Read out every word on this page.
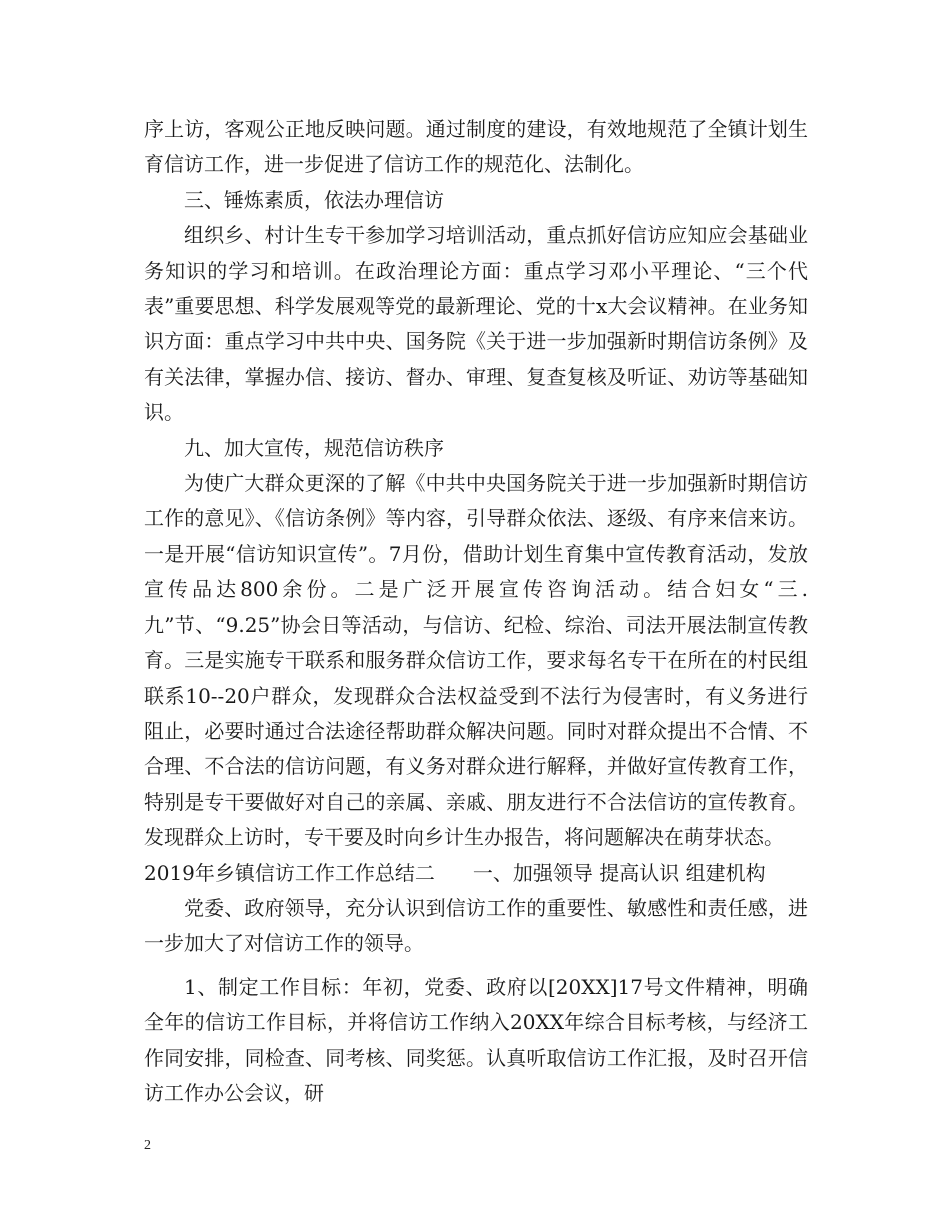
序上访，客观公正地反映问题。通过制度的建设，有效地规范了全镇计划生育信访工作，进一步促进了信访工作的规范化、法制化。

三、锤炼素质，依法办理信访

组织乡、村计生专干参加学习培训活动，重点抓好信访应知应会基础业务知识的学习和培训。在政治理论方面：重点学习邓小平理论、“三个代表”重要思想、科学发展观等党的最新理论、党的十x大会议精神。在业务知识方面：重点学习中共中央、国务院《关于进一步加强新时期信访条例》及有关法律，掌握办信、接访、督办、审理、复查复核及听证、劝访等基础知识。

九、加大宣传，规范信访秩序

为使广大群众更深的了解《中共中央国务院关于进一步加强新时期信访工作的意见》、《信访条例》等内容，引导群众依法、逐级、有序来信来访。一是开展“信访知识宣传”。7月份，借助计划生育集中宣传教育活动，发放宣传品达800余份。二是广泛开展宣传咨询活动。结合妇女“三.九”节、“9.25”协会日等活动，与信访、纪检、综治、司法开展法制宣传教育。三是实施专干联系和服务群众信访工作，要求每名专干在所在的村民组联系10--20户群众，发现群众合法权益受到不法行为侵害时，有义务进行阻止，必要时通过合法途径帮助群众解决问题。同时对群众提出不合情、不合理、不合法的信访问题，有义务对群众进行解释，并做好宣传教育工作，特别是专干要做好对自己的亲属、亲戚、朋友进行不合法信访的宣传教育。发现群众上访时，专干要及时向乡计生办报告，将问题解决在萌芽状态。

2019年乡镇信访工作工作总结二 一、加强领导 提高认识 组建机构

党委、政府领导，充分认识到信访工作的重要性、敏感性和责任感，进一步加大了对信访工作的领导。

1、制定工作目标：年初，党委、政府以[20XX]17号文件精神，明确全年的信访工作目标，并将信访工作纳入20XX年综合目标考核，与经济工作同安排，同检查、同考核、同奖惩。认真听取信访工作汇报，及时召开信访工作办公会议，研

2
